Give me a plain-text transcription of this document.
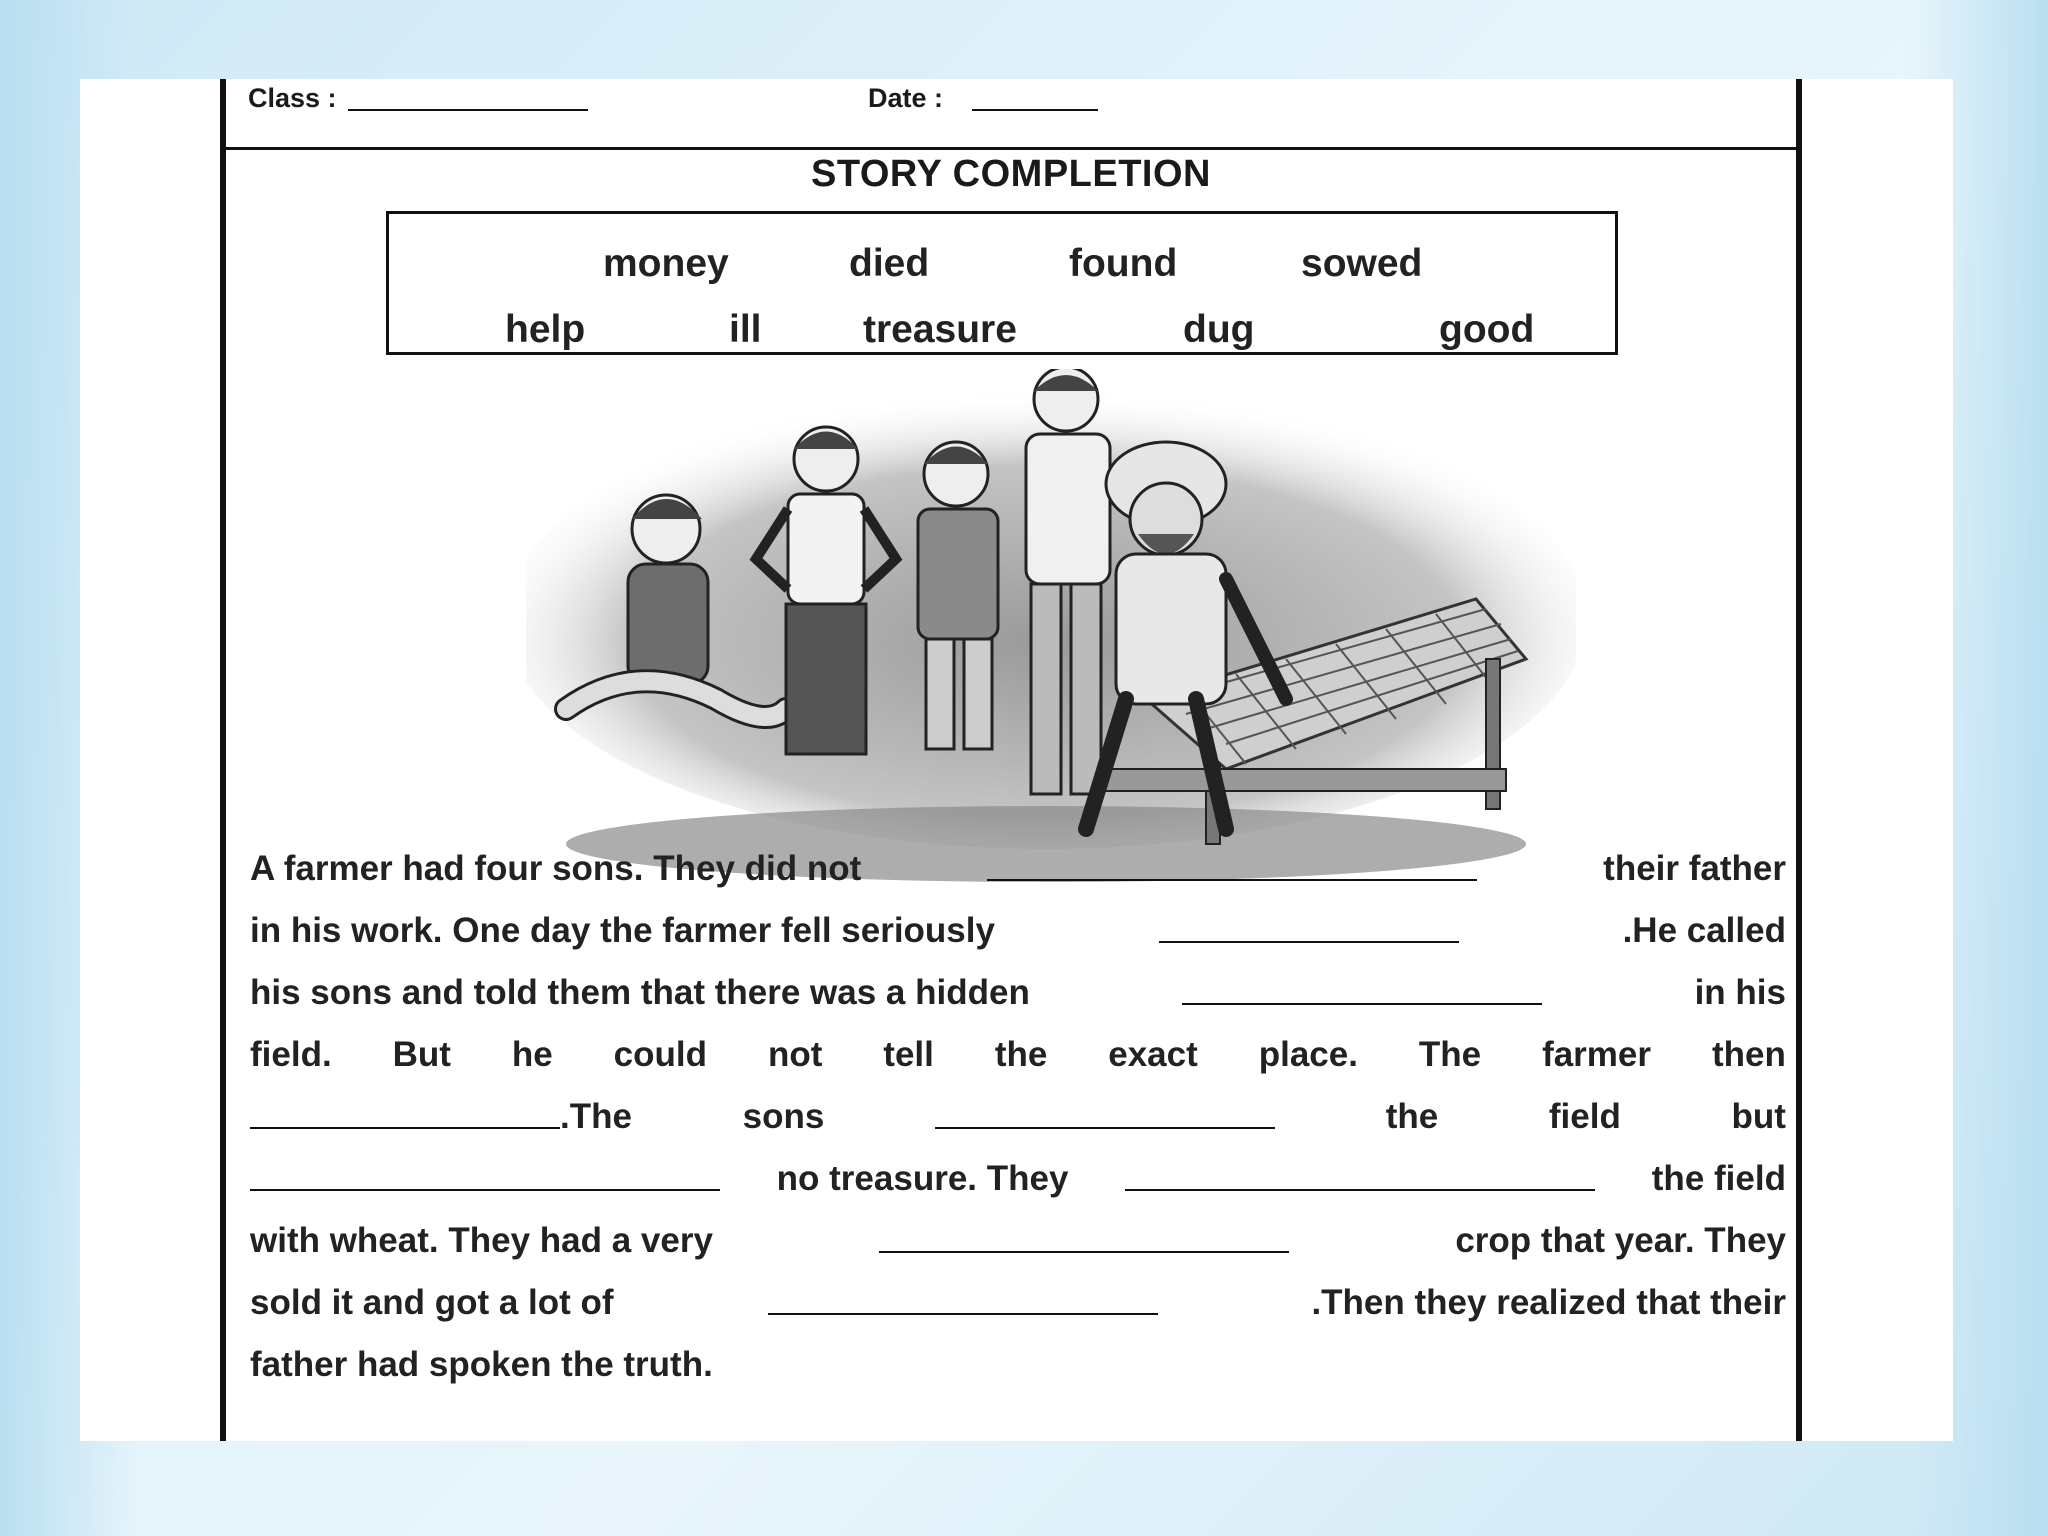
Class :	Date :
STORY COMPLETION
money	died	found	sowed
help	ill	treasure	dug	good
A farmer had four sons. They did not	their father
in his work. One day the farmer fell seriously	.He called
his sons and told them that there was a hidden	in his
field. But he could not tell the exact place. The farmer then
.The	sons	the	field	but
no treasure. They	the field
with wheat. They had a very	crop that year. They
sold it and got a lot of	.Then they realized that their
father had spoken the truth.
